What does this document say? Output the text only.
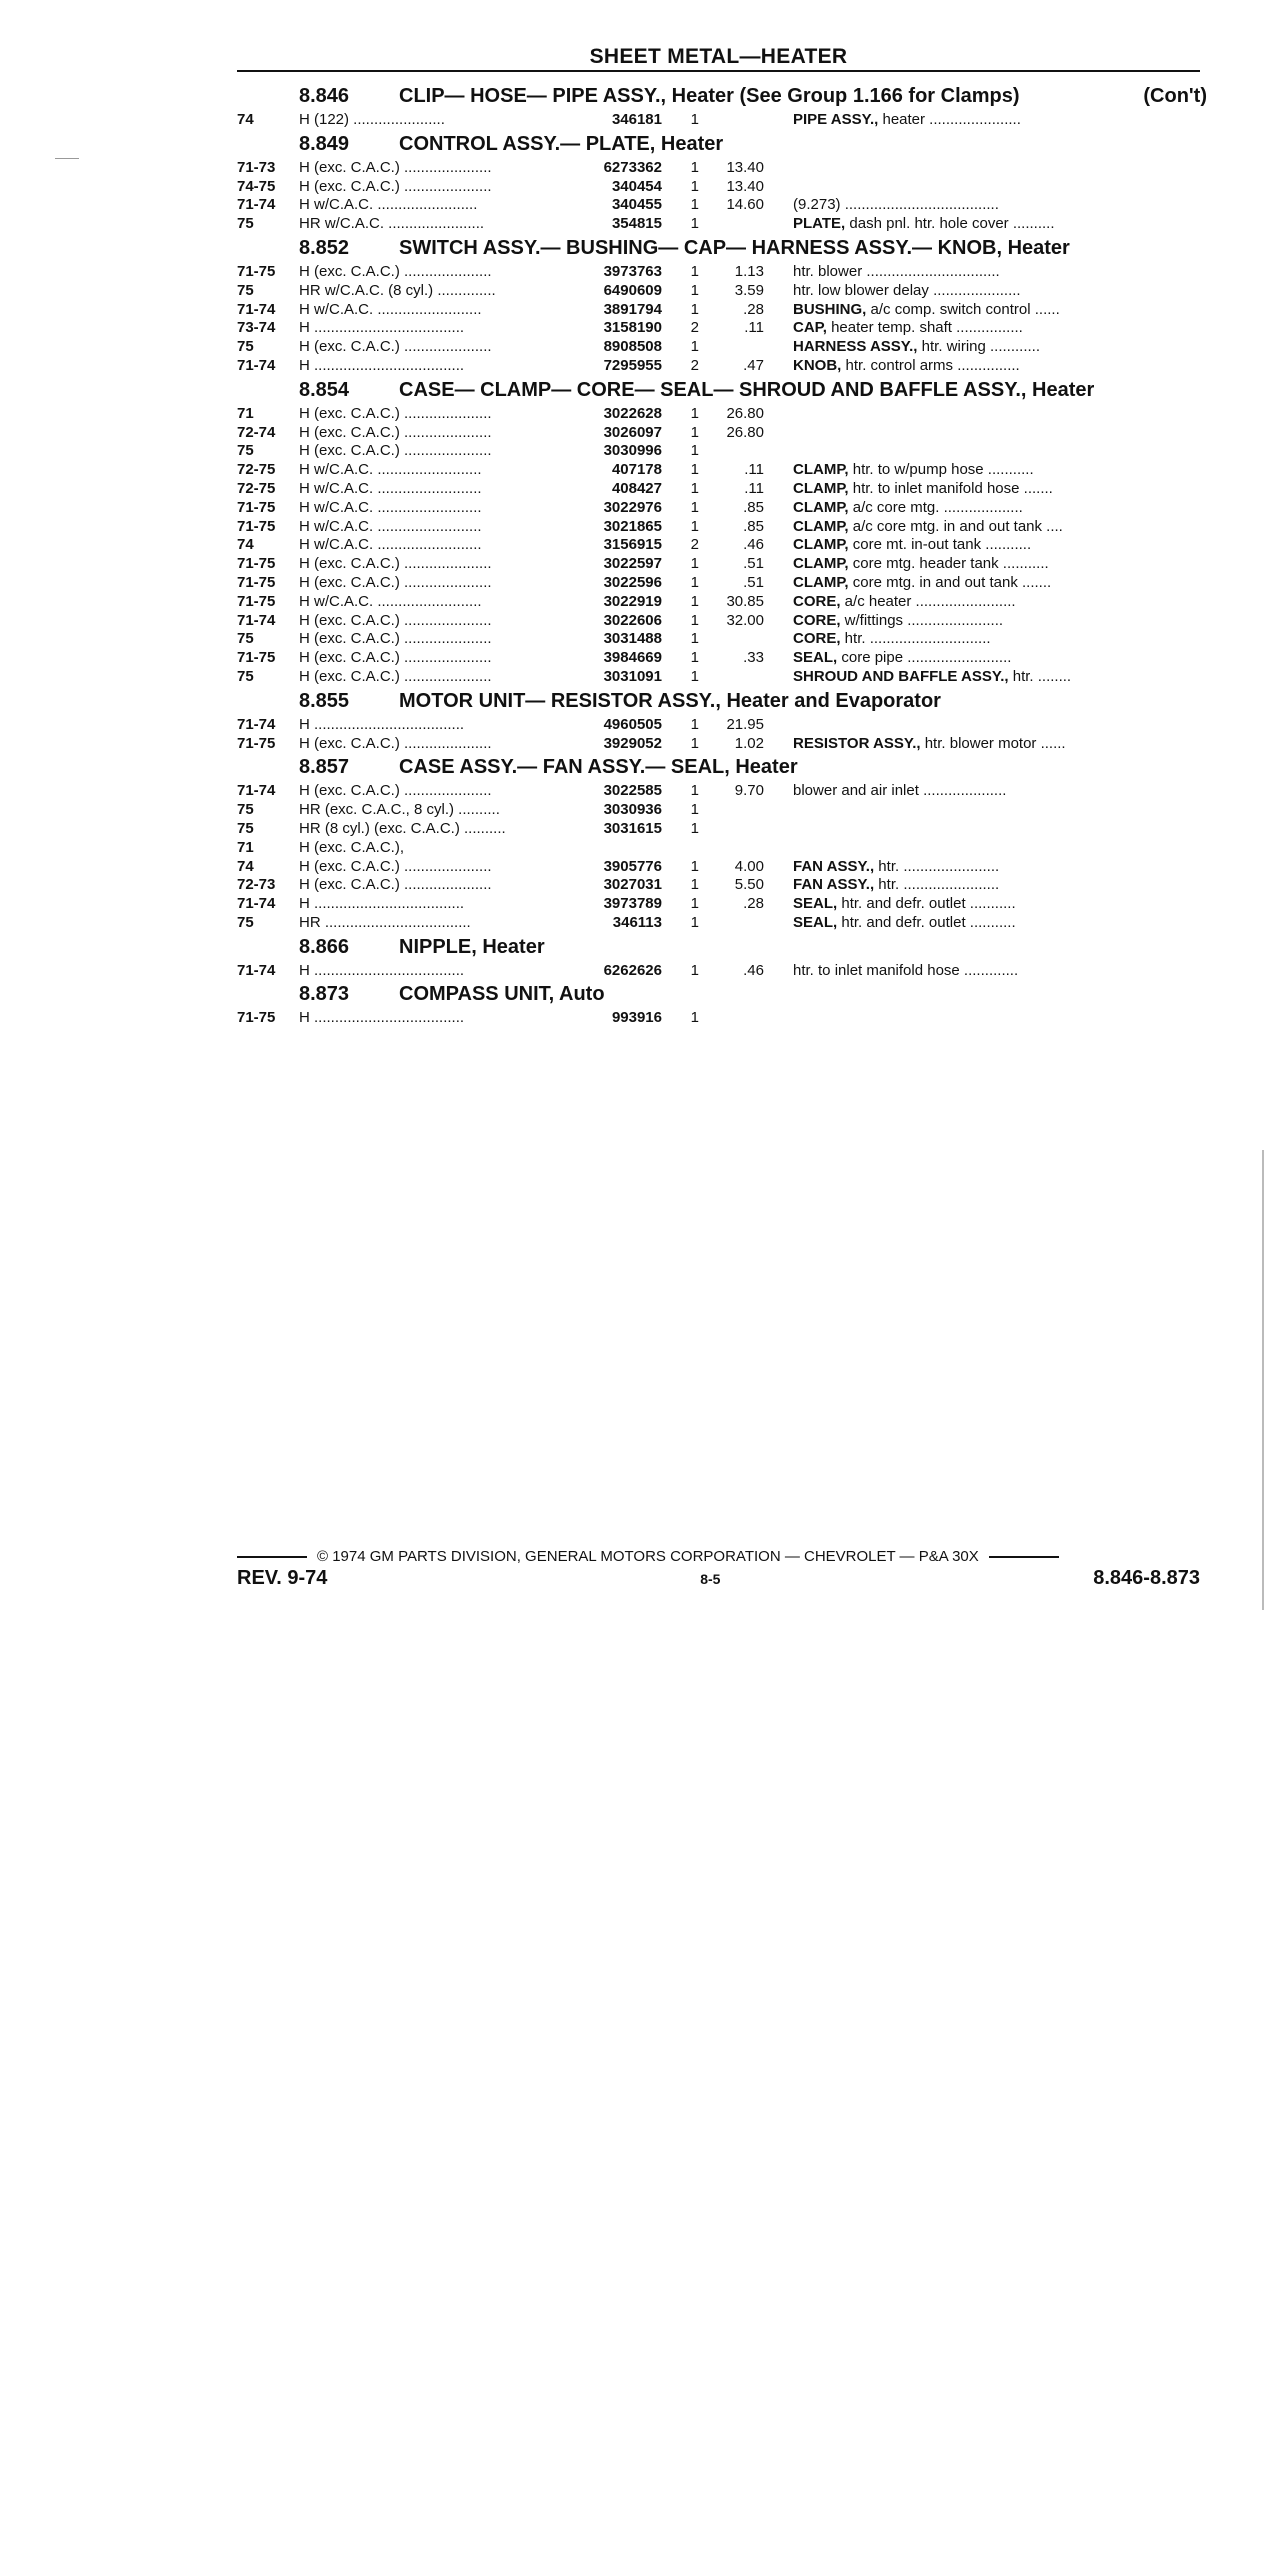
SHEET METAL—HEATER
8.846	CLIP— HOSE— PIPE ASSY., Heater (See Group 1.166 for Clamps)	(Con't)
74	H (122) ......................	346181	1	PIPE ASSY., heater ......................
8.849	CONTROL ASSY.— PLATE, Heater
71-73	H (exc. C.A.C.) .....................	6273362	1	13.40
74-75	H (exc. C.A.C.) .....................	340454	1	13.40
71-74	H w/C.A.C. ........................	340455	1	14.60	(9.273) .....................................
75	HR w/C.A.C. .......................	354815	1	PLATE, dash pnl. htr. hole cover ..........
8.852	SWITCH ASSY.— BUSHING— CAP— HARNESS ASSY.— KNOB, Heater
71-75	H (exc. C.A.C.) .....................	3973763	1	1.13	htr. blower ................................
75	HR w/C.A.C. (8 cyl.) ..............	6490609	1	3.59	htr. low blower delay .....................
71-74	H w/C.A.C. .........................	3891794	1	.28	BUSHING, a/c comp. switch control ......
73-74	H ....................................	3158190	2	.11	CAP, heater temp. shaft ................
75	H (exc. C.A.C.) .....................	8908508	1	HARNESS ASSY., htr. wiring ............
71-74	H ....................................	7295955	2	.47	KNOB, htr. control arms ...............
8.854	CASE— CLAMP— CORE— SEAL— SHROUD AND BAFFLE ASSY., Heater
71	H (exc. C.A.C.) .....................	3022628	1	26.80
72-74	H (exc. C.A.C.) .....................	3026097	1	26.80
75	H (exc. C.A.C.) .....................	3030996	1
72-75	H w/C.A.C. .........................	407178	1	.11	CLAMP, htr. to w/pump hose ...........
72-75	H w/C.A.C. .........................	408427	1	.11	CLAMP, htr. to inlet manifold hose .......
71-75	H w/C.A.C. .........................	3022976	1	.85	CLAMP, a/c core mtg. ...................
71-75	H w/C.A.C. .........................	3021865	1	.85	CLAMP, a/c core mtg. in and out tank ....
74	H w/C.A.C. .........................	3156915	2	.46	CLAMP, core mt. in-out tank ...........
71-75	H (exc. C.A.C.) .....................	3022597	1	.51	CLAMP, core mtg. header tank ...........
71-75	H (exc. C.A.C.) .....................	3022596	1	.51	CLAMP, core mtg. in and out tank .......
71-75	H w/C.A.C. .........................	3022919	1	30.85	CORE, a/c heater ........................
71-74	H (exc. C.A.C.) .....................	3022606	1	32.00	CORE, w/fittings .......................
75	H (exc. C.A.C.) .....................	3031488	1	CORE, htr. .............................
71-75	H (exc. C.A.C.) .....................	3984669	1	.33	SEAL, core pipe .........................
75	H (exc. C.A.C.) .....................	3031091	1	SHROUD AND BAFFLE ASSY., htr. ........
8.855	MOTOR UNIT— RESISTOR ASSY., Heater and Evaporator
71-74	H ....................................	4960505	1	21.95
71-75	H (exc. C.A.C.) .....................	3929052	1	1.02	RESISTOR ASSY., htr. blower motor ......
8.857	CASE ASSY.— FAN ASSY.— SEAL, Heater
71-74	H (exc. C.A.C.) .....................	3022585	1	9.70	blower and air inlet ....................
75	HR (exc. C.A.C., 8 cyl.) ..........	3030936	1
75	HR (8 cyl.) (exc. C.A.C.) ..........	3031615	1
71	H (exc. C.A.C.),
74	H (exc. C.A.C.) .....................	3905776	1	4.00	FAN ASSY., htr. .......................
72-73	H (exc. C.A.C.) .....................	3027031	1	5.50	FAN ASSY., htr. .......................
71-74	H ....................................	3973789	1	.28	SEAL, htr. and defr. outlet ...........
75	HR ...................................	346113	1	SEAL, htr. and defr. outlet ...........
8.866	NIPPLE, Heater
71-74	H ....................................	6262626	1	.46	htr. to inlet manifold hose .............
8.873	COMPASS UNIT, Auto
71-75	H ....................................	993916	1
© 1974 GM PARTS DIVISION, GENERAL MOTORS CORPORATION — CHEVROLET — P&A 30X
REV. 9-74	8-5	8.846-8.873
